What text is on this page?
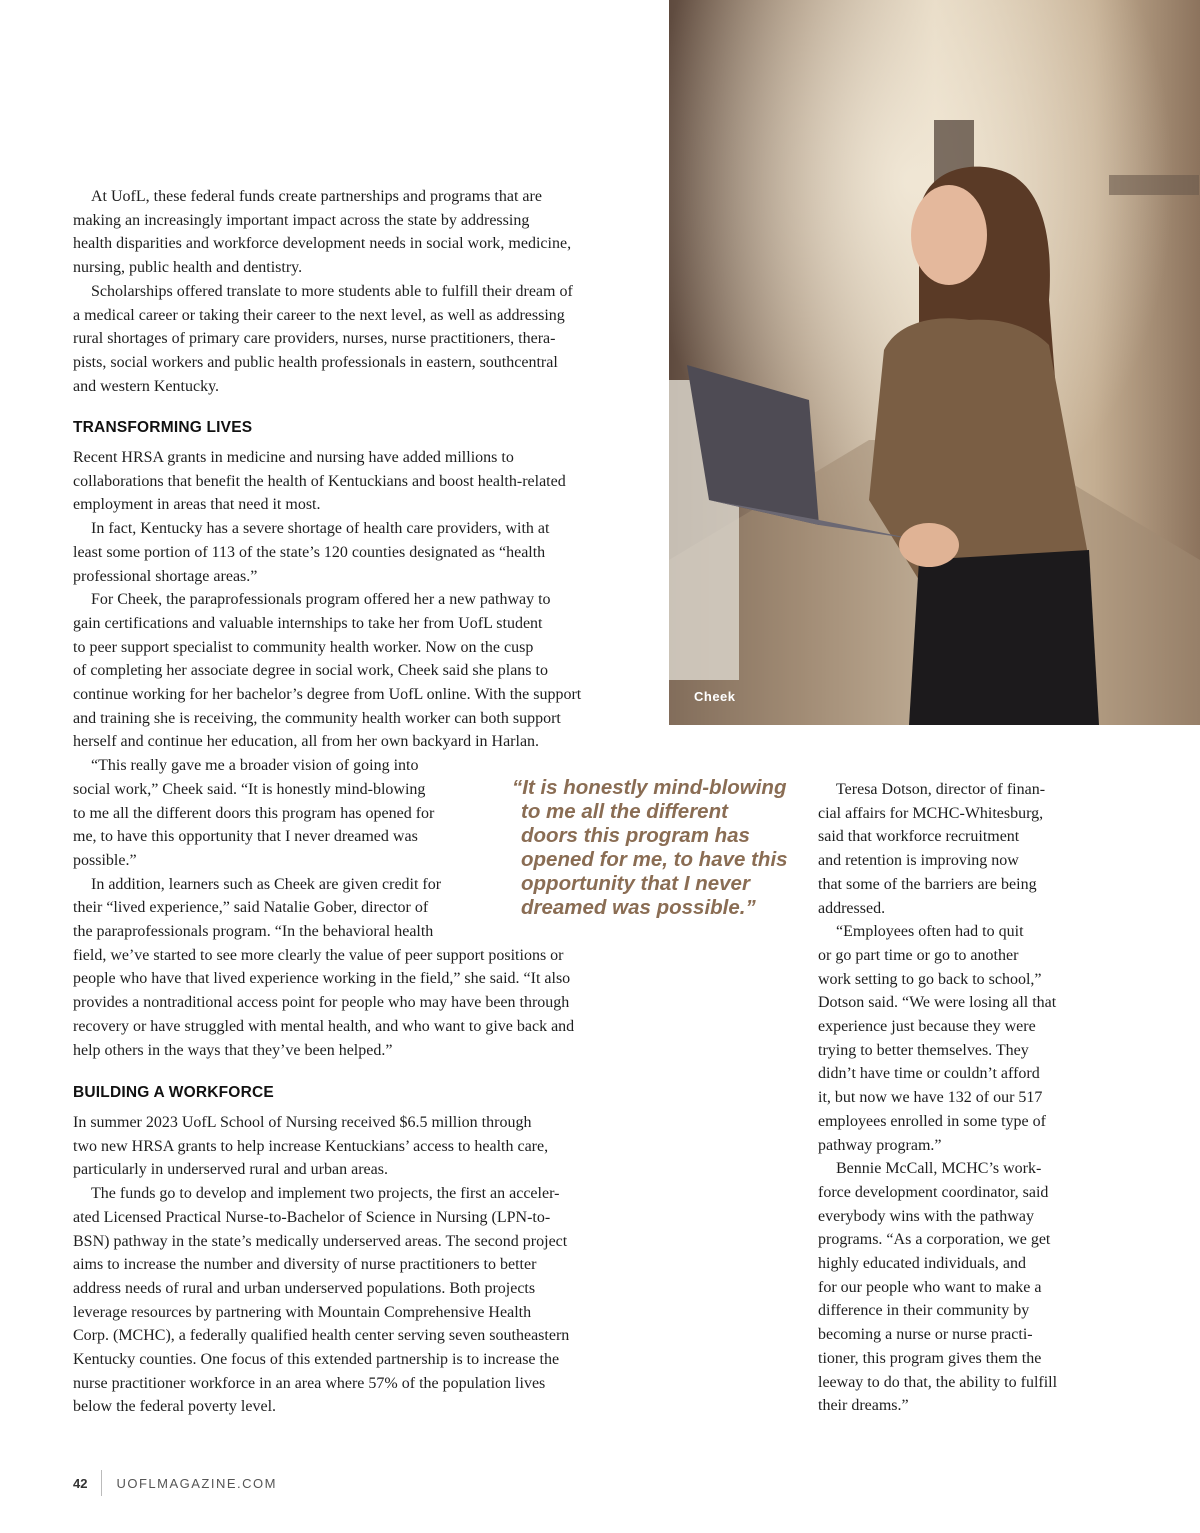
Cheek
At UofL, these federal funds create partnerships and programs that are
making an increasingly important impact across the state by addressing
health disparities and workforce development needs in social work, medicine,
nursing, public health and dentistry.
Scholarships offered translate to more students able to fulfill their dream of
a medical career or taking their career to the next level, as well as addressing
rural shortages of primary care providers, nurses, nurse practitioners, thera-
pists, social workers and public health professionals in eastern, southcentral
and western Kentucky.
TRANSFORMING LIVES
Recent HRSA grants in medicine and nursing have added millions to
collaborations that benefit the health of Kentuckians and boost health-related
employment in areas that need it most.
In fact, Kentucky has a severe shortage of health care providers, with at
least some portion of 113 of the state’s 120 counties designated as “health
professional shortage areas.”
For Cheek, the paraprofessionals program offered her a new pathway to
gain certifications and valuable internships to take her from UofL student
to peer support specialist to community health worker. Now on the cusp
of completing her associate degree in social work, Cheek said she plans to
continue working for her bachelor’s degree from UofL online. With the support
and training she is receiving, the community health worker can both support
herself and continue her education, all from her own backyard in Harlan.
“This really gave me a broader vision of going into
social work,” Cheek said. “It is honestly mind-blowing
to me all the different doors this program has opened for
me, to have this opportunity that I never dreamed was
possible.”
In addition, learners such as Cheek are given credit for
their “lived experience,” said Natalie Gober, director of
the paraprofessionals program. “In the behavioral health
field, we’ve started to see more clearly the value of peer support positions or
people who have that lived experience working in the field,” she said. “It also
provides a nontraditional access point for people who may have been through
recovery or have struggled with mental health, and who want to give back and
help others in the ways that they’ve been helped.”
BUILDING A WORKFORCE
In summer 2023 UofL School of Nursing received $6.5 million through
two new HRSA grants to help increase Kentuckians’ access to health care,
particularly in underserved rural and urban areas.
The funds go to develop and implement two projects, the first an acceler-
ated Licensed Practical Nurse-to-Bachelor of Science in Nursing (LPN-to-
BSN) pathway in the state’s medically underserved areas. The second project
aims to increase the number and diversity of nurse practitioners to better
address needs of rural and urban underserved populations. Both projects
leverage resources by partnering with Mountain Comprehensive Health
Corp. (MCHC), a federally qualified health center serving seven southeastern
Kentucky counties. One focus of this extended partnership is to increase the
nurse practitioner workforce in an area where 57% of the population lives
below the federal poverty level.
“It is honestly mind-blowing
to me all the different
doors this program has
opened for me, to have this
opportunity that I never
dreamed was possible.”
Teresa Dotson, director of finan-
cial affairs for MCHC-Whitesburg,
said that workforce recruitment
and retention is improving now
that some of the barriers are being
addressed.
“Employees often had to quit
or go part time or go to another
work setting to go back to school,”
Dotson said. “We were losing all that
experience just because they were
trying to better themselves. They
didn’t have time or couldn’t afford
it, but now we have 132 of our 517
employees enrolled in some type of
pathway program.”
Bennie McCall, MCHC’s work-
force development coordinator, said
everybody wins with the pathway
programs. “As a corporation, we get
highly educated individuals, and
for our people who want to make a
difference in their community by
becoming a nurse or nurse practi-
tioner, this program gives them the
leeway to do that, the ability to fulfill
their dreams.”
42 UOFLMAGAZINE.COM
